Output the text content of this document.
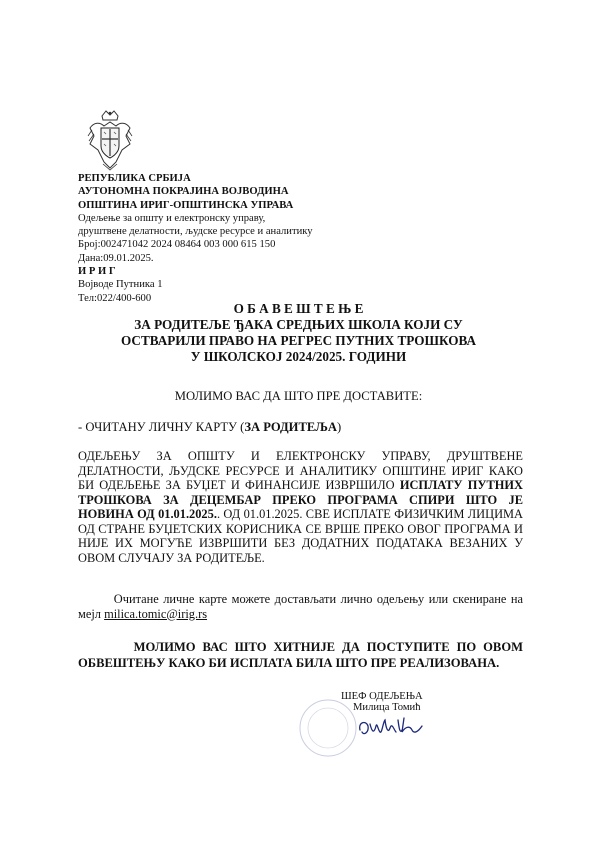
РЕПУБЛИКА СРБИЈА
АУТОНОМНА ПОКРАЈИНА ВОЈВОДИНА
ОПШТИНА ИРИГ-ОПШТИНСКА УПРАВА
Одељење за општу и електронску управу,
друштвене делатности, људске ресурсе и аналитику
Број:002471042 2024 08464 003 000 615 150
Дана:09.01.2025.
И Р И Г
Војводе Путника 1
Тел:022/400-600
О Б А В Е Ш Т Е Њ Е
ЗА РОДИТЕЉЕ ЂАКА СРЕДЊИХ ШКОЛА КОЈИ СУ
ОСТВАРИЛИ ПРАВО НА РЕГРЕС ПУТНИХ ТРОШКОВА
У ШКОЛСКОЈ 2024/2025. ГОДИНИ
МОЛИМО ВАС ДА ШТО ПРЕ ДОСТАВИТЕ:
- ОЧИТАНУ ЛИЧНУ КАРТУ (ЗА РОДИТЕЉА)
ОДЕЉЕЊУ ЗА ОПШТУ И ЕЛЕКТРОНСКУ УПРАВУ, ДРУШТВЕНЕ ДЕЛАТНОСТИ, ЉУДСКЕ РЕСУРСЕ И АНАЛИТИКУ ОПШТИНЕ ИРИГ КАКО БИ ОДЕЉЕЊЕ ЗА БУЏЕТ И ФИНАНСИЈЕ ИЗВРШИЛО ИСПЛАТУ ПУТНИХ ТРОШКОВА ЗА ДЕЦЕМБАР ПРЕКО ПРОГРАМА СПИРИ ШТО ЈЕ НОВИНА ОД 01.01.2025.. ОД 01.01.2025. СВЕ ИСПЛАТЕ ФИЗИЧКИМ ЛИЦИМА ОД СТРАНЕ БУЏЕТСКИХ КОРИСНИКА СЕ ВРШЕ ПРЕКО ОВОГ ПРОГРАМА И НИЈЕ ИХ МОГУЋЕ ИЗВРШИТИ БЕЗ ДОДАТНИХ ПОДАТАКА ВЕЗАНИХ У ОВОМ СЛУЧАЈУ ЗА РОДИТЕЉЕ.
Очитане личне карте можете достављати лично одељењу или скениране на мејл milica.tomic@irig.rs
МОЛИМО ВАС ШТО ХИТНИЈЕ ДА ПОСТУПИТЕ ПО ОВОМ ОБВЕШТЕЊУ КАКО БИ ИСПЛАТА БИЛА ШТО ПРЕ РЕАЛИЗОВАНА.
ШЕФ ОДЕЉЕЊА
Милица Томић
